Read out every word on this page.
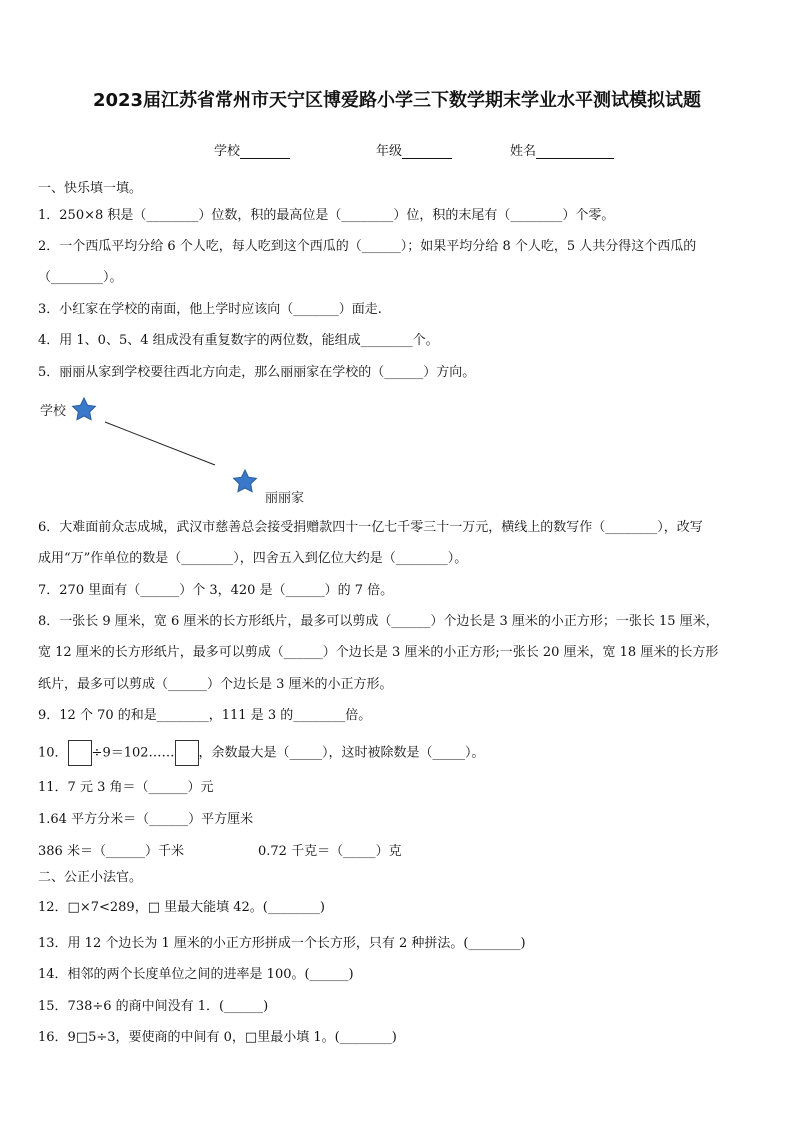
2023届江苏省常州市天宁区博爱路小学三下数学期末学业水平测试模拟试题
学校	年级	姓名
一、快乐填一填。
1．250×8 积是（________）位数，积的最高位是（________）位，积的末尾有（________）个零。
2．一个西瓜平均分给 6 个人吃，每人吃到这个西瓜的（______）；如果平均分给 8 个人吃，5 人共分得这个西瓜的
（________）。
3．小红家在学校的南面，他上学时应该向（_______）面走.
4．用 1、0、5、4 组成没有重复数字的两位数，能组成________个。
5．丽丽从家到学校要往西北方向走，那么丽丽家在学校的（______）方向。
学校
丽丽家
6．大难面前众志成城，武汉市慈善总会接受捐赠款四十一亿七千零三十一万元，横线上的数写作（________），改写
成用“万”作单位的数是（________），四舍五入到亿位大约是（________）。
7．270 里面有（______）个 3，420 是（______）的 7 倍。
8．一张长 9 厘米，宽 6 厘米的长方形纸片，最多可以剪成（______）个边长是 3 厘米的小正方形；一张长 15 厘米，
宽 12 厘米的长方形纸片，最多可以剪成（______）个边长是 3 厘米的小正方形;一张长 20 厘米，宽 18 厘米的长方形
纸片，最多可以剪成（______）个边长是 3 厘米的小正方形。
9．12 个 70 的和是________，111 是 3 的________倍。
10． ÷9＝102…… ，余数最大是（_____），这时被除数是（_____）。
11．7 元 3 角＝（______）元
1.64 平方分米＝（______）平方厘米
386 米＝（______）千米	0.72 千克＝（_____）克
二、公正小法官。
12．□×7<289，□ 里最大能填 42。(________)
13．用 12 个边长为 1 厘米的小正方形拼成一个长方形，只有 2 种拼法。(________)
14．相邻的两个长度单位之间的进率是 100。(______)
15．738÷6 的商中间没有 1．(______)
16．9□5÷3，要使商的中间有 0，□里最小填 1。(________)
